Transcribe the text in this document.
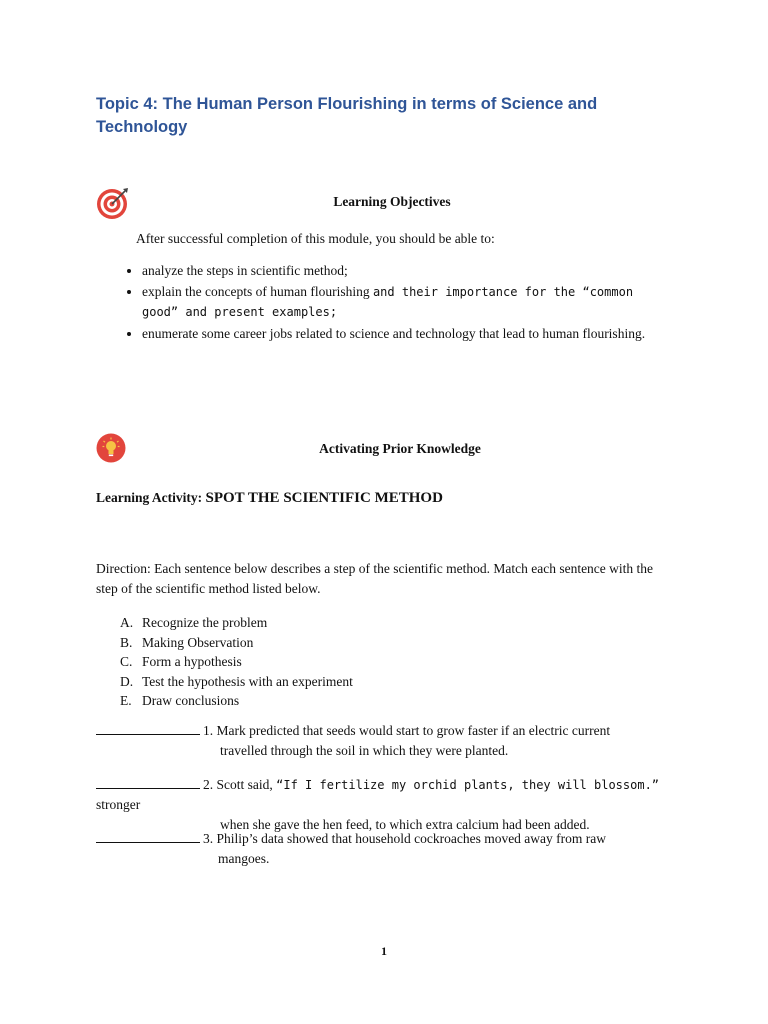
Topic 4: The Human Person Flourishing in terms of Science and
Technology
Learning Objectives
After successful completion of this module, you should be able to:
• analyze the steps in scientific method;
• explain the concepts of human flourishing and their importance for the “common good” and present examples;
• enumerate some career jobs related to science and technology that lead to human flourishing.
Activating Prior Knowledge
Learning Activity: SPOT THE SCIENTIFIC METHOD
Direction: Each sentence below describes a step of the scientific method. Match each sentence with the step of the scientific method listed below.
A. Recognize the problem
B. Making Observation
C. Form a hypothesis
D. Test the hypothesis with an experiment
E. Draw conclusions
1. Mark predicted that seeds would start to grow faster if an electric current
travelled through the soil in which they were planted.
2. Scott said, “If I fertilize my orchid plants, they will blossom.” stronger
when she gave the hen feed, to which extra calcium had been added.
3. Philip’s data showed that household cockroaches moved away from raw
mangoes.
1
